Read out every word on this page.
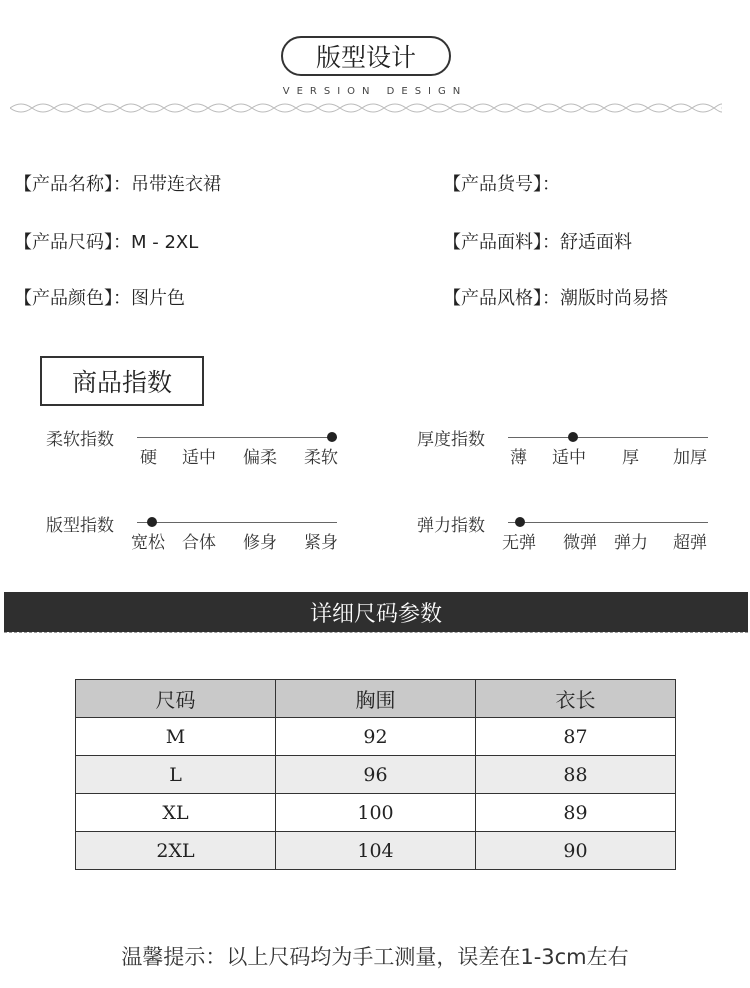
版型设计
VERSION DESIGN
【产品名称】：吊带连衣裙	【产品货号】：
【产品尺码】：M - 2XL	【产品面料】：舒适面料
【产品颜色】：图片色	【产品风格】：潮版时尚易搭
商品指数
柔软指数
硬 适中 偏柔 柔软
厚度指数
薄 适中 厚 加厚
版型指数
宽松 合体 修身 紧身
弹力指数
无弹 微弹 弹力 超弹
详细尺码参数
尺码	胸围	衣长
M	92	87
L	96	88
XL	100	89
2XL	104	90
温馨提示：以上尺码均为手工测量，误差在1-3cm左右
